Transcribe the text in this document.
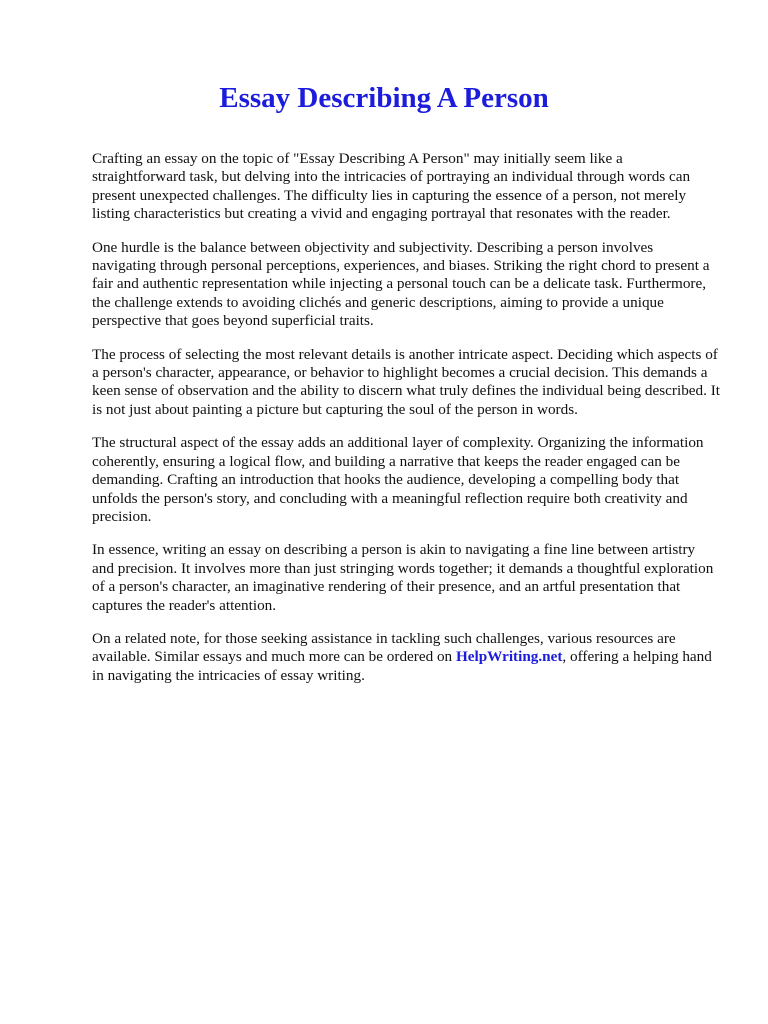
Essay Describing A Person

Crafting an essay on the topic of "Essay Describing A Person" may initially seem like a straightforward task, but delving into the intricacies of portraying an individual through words can present unexpected challenges. The difficulty lies in capturing the essence of a person, not merely listing characteristics but creating a vivid and engaging portrayal that resonates with the reader.

One hurdle is the balance between objectivity and subjectivity. Describing a person involves navigating through personal perceptions, experiences, and biases. Striking the right chord to present a fair and authentic representation while injecting a personal touch can be a delicate task. Furthermore, the challenge extends to avoiding clichés and generic descriptions, aiming to provide a unique perspective that goes beyond superficial traits.

The process of selecting the most relevant details is another intricate aspect. Deciding which aspects of a person's character, appearance, or behavior to highlight becomes a crucial decision. This demands a keen sense of observation and the ability to discern what truly defines the individual being described. It is not just about painting a picture but capturing the soul of the person in words.

The structural aspect of the essay adds an additional layer of complexity. Organizing the information coherently, ensuring a logical flow, and building a narrative that keeps the reader engaged can be demanding. Crafting an introduction that hooks the audience, developing a compelling body that unfolds the person's story, and concluding with a meaningful reflection require both creativity and precision.

In essence, writing an essay on describing a person is akin to navigating a fine line between artistry and precision. It involves more than just stringing words together; it demands a thoughtful exploration of a person's character, an imaginative rendering of their presence, and an artful presentation that captures the reader's attention.

On a related note, for those seeking assistance in tackling such challenges, various resources are available. Similar essays and much more can be ordered on HelpWriting.net, offering a helping hand in navigating the intricacies of essay writing.
